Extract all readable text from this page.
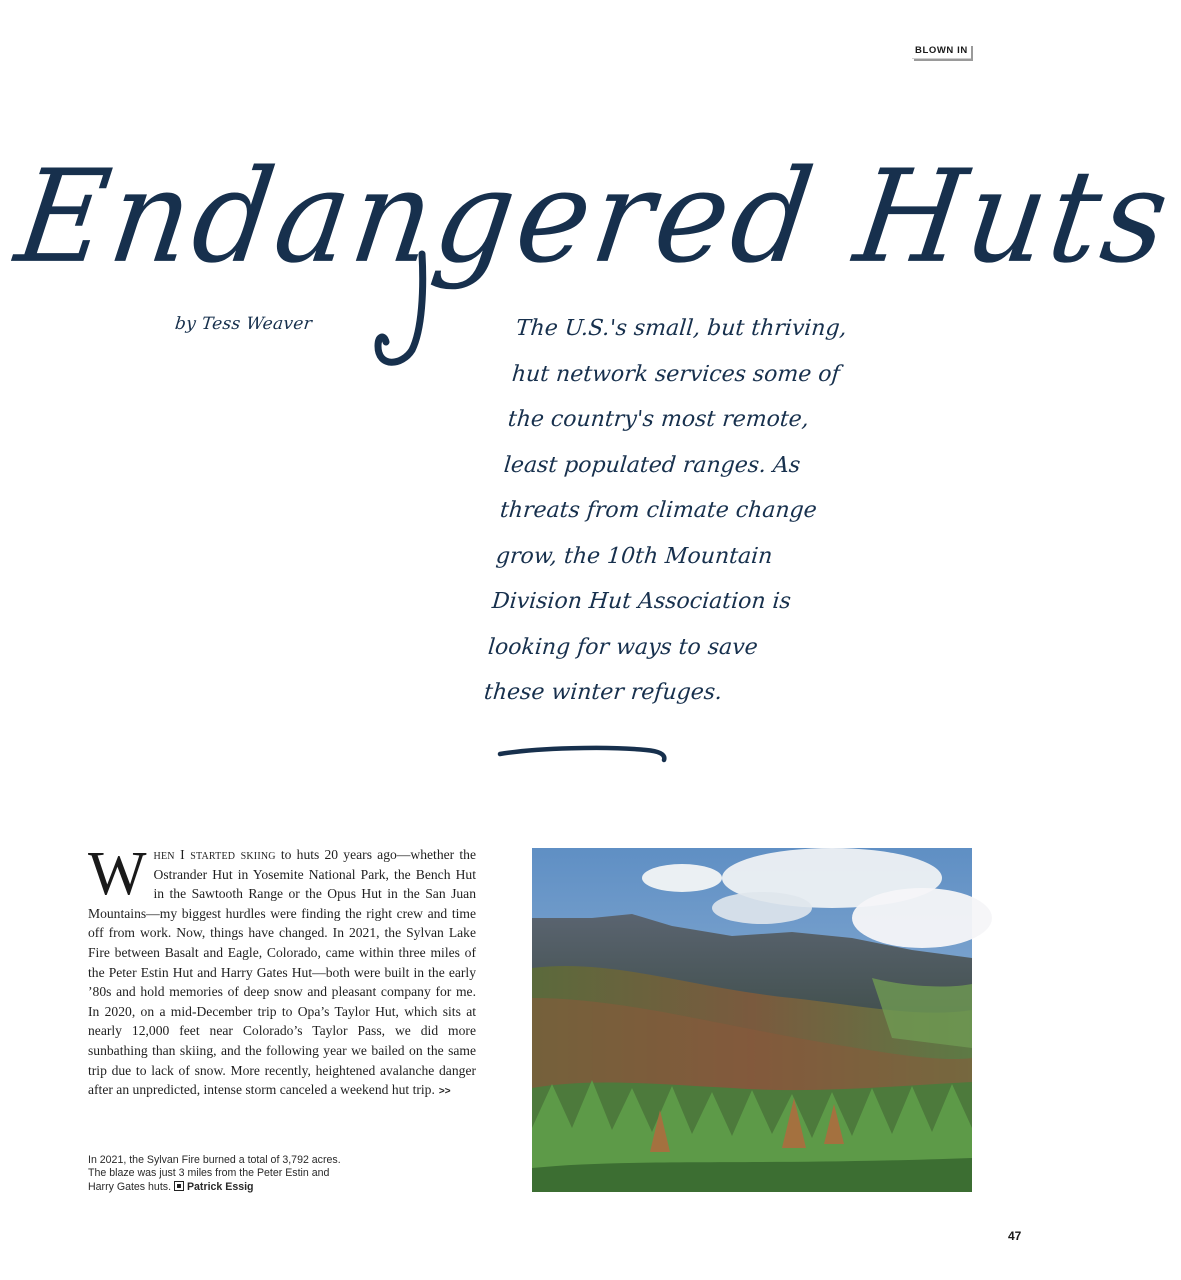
BLOWN IN
Endangered Huts
by Tess Weaver	The U.S.'s small, but thriving,
hut network services some of
the country's most remote,
least populated ranges. As
threats from climate change
grow, the 10th Mountain
Division Hut Association is
looking for ways to save
these winter refuges.
When I started skiing to huts 20 years ago—whether the Ostrander Hut in Yosemite National Park, the Bench Hut in the Sawtooth Range or the Opus Hut in the San Juan Mountains—my biggest hurdles were finding the right crew and time off from work. Now, things have changed. In 2021, the Sylvan Lake Fire between Basalt and Eagle, Colorado, came within three miles of the Peter Estin Hut and Harry Gates Hut—both were built in the early ’80s and hold memories of deep snow and pleasant company for me. In 2020, on a mid-December trip to Opa’s Taylor Hut, which sits at nearly 12,000 feet near Colorado’s Taylor Pass, we did more sunbathing than skiing, and the following year we bailed on the same trip due to lack of snow. More recently, heightened avalanche danger after an unpredicted, intense storm canceled a weekend hut trip. >>
In 2021, the Sylvan Fire burned a total of 3,792 acres. The blaze was just 3 miles from the Peter Estin and Harry Gates huts. Patrick Essig
47
